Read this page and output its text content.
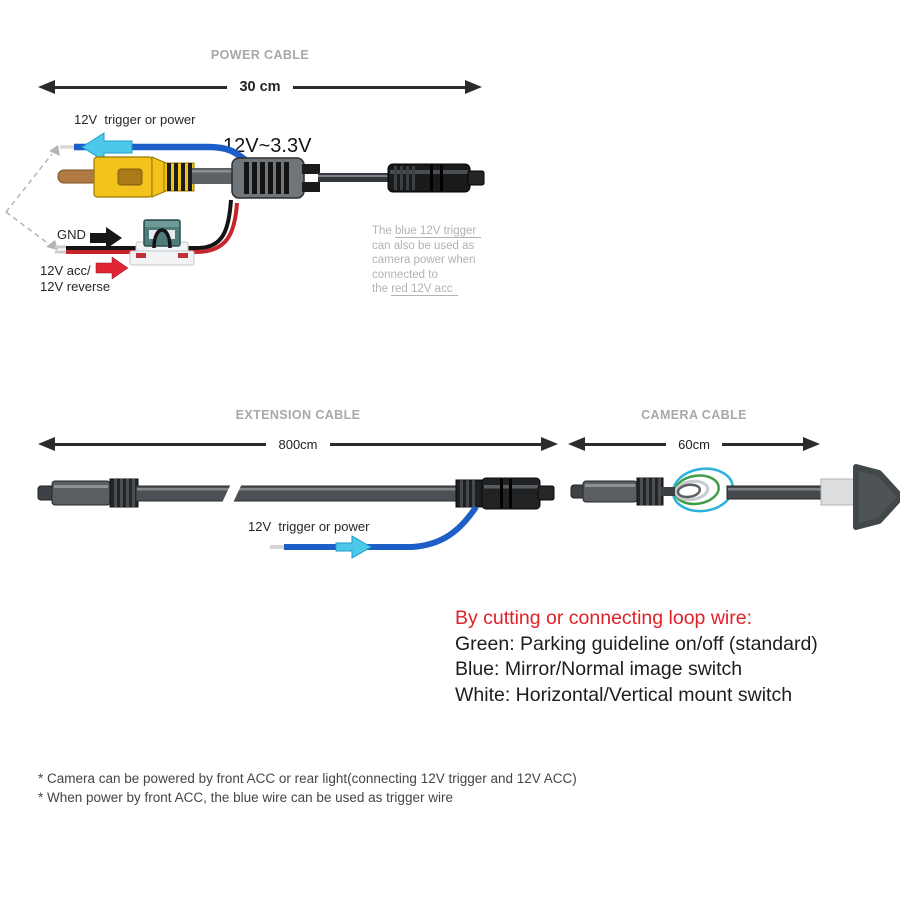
POWER CABLE
30 cm
12V  trigger or power
12V~3.3V
GND
12V acc/
12V reverse
The blue 12V trigger
can also be used as
camera power when
connected to
the red 12V acc
EXTENSION CABLE
800cm
12V  trigger or power
CAMERA CABLE
60cm
By cutting or connecting loop wire:
Green: Parking guideline on/off (standard)
Blue: Mirror/Normal image switch
White: Horizontal/Vertical mount switch
* Camera can be powered by front ACC or rear light(connecting 12V trigger and 12V ACC)
* When power by front ACC, the blue wire can be used as trigger wire
